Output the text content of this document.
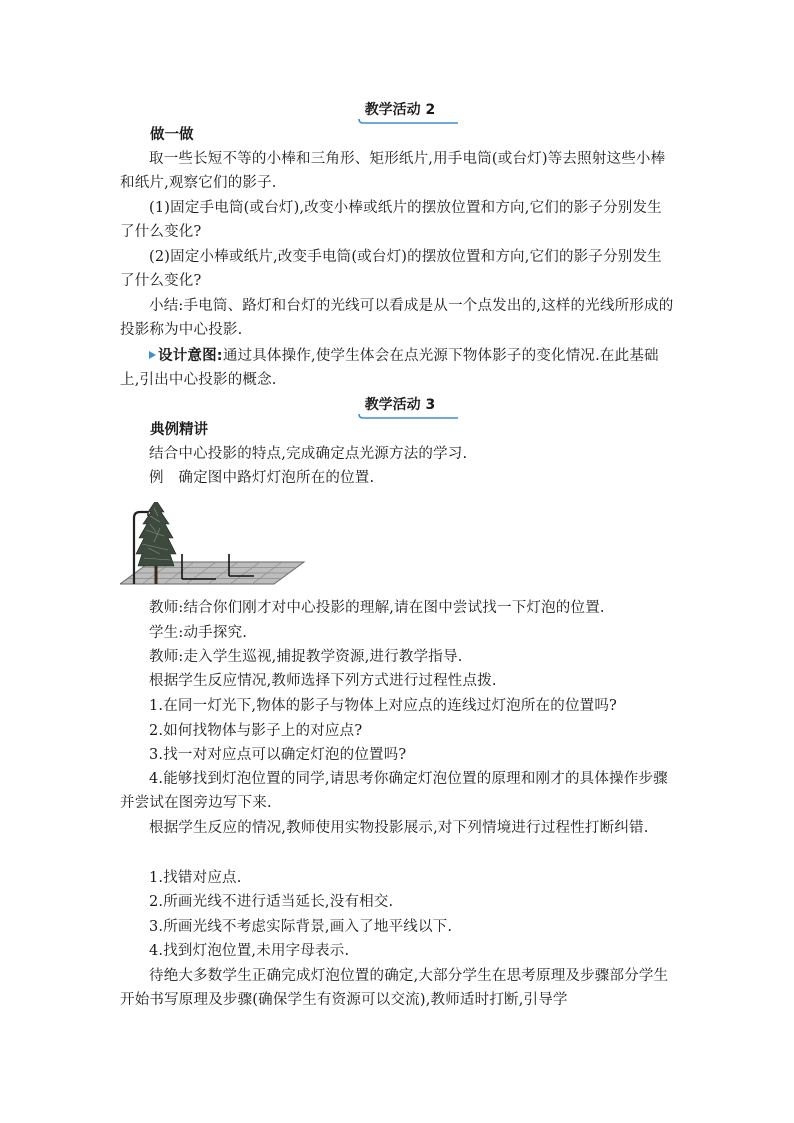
教学活动 2
做一做

取一些长短不等的小棒和三角形、矩形纸片,用手电筒(或台灯)等去照射这些小棒和纸片,观察它们的影子.

(1)固定手电筒(或台灯),改变小棒或纸片的摆放位置和方向,它们的影子分别发生了什么变化?

(2)固定小棒或纸片,改变手电筒(或台灯)的摆放位置和方向,它们的影子分别发生了什么变化?

小结:手电筒、路灯和台灯的光线可以看成是从一个点发出的,这样的光线所形成的投影称为中心投影.

设计意图:通过具体操作,使学生体会在点光源下物体影子的变化情况.在此基础上,引出中心投影的概念.

教学活动 3
典例精讲

结合中心投影的特点,完成确定点光源方法的学习.

例　确定图中路灯灯泡所在的位置.

教师:结合你们刚才对中心投影的理解,请在图中尝试找一下灯泡的位置.

学生:动手探究.

教师:走入学生巡视,捕捉教学资源,进行教学指导.

根据学生反应情况,教师选择下列方式进行过程性点拨.

1.在同一灯光下,物体的影子与物体上对应点的连线过灯泡所在的位置吗?

2.如何找物体与影子上的对应点?

3.找一对对应点可以确定灯泡的位置吗?

4.能够找到灯泡位置的同学,请思考你确定灯泡位置的原理和刚才的具体操作步骤并尝试在图旁边写下来.

根据学生反应的情况,教师使用实物投影展示,对下列情境进行过程性打断纠错.

1.找错对应点.

2.所画光线不进行适当延长,没有相交.

3.所画光线不考虑实际背景,画入了地平线以下.

4.找到灯泡位置,未用字母表示.

待绝大多数学生正确完成灯泡位置的确定,大部分学生在思考原理及步骤部分学生开始书写原理及步骤(确保学生有资源可以交流),教师适时打断,引导学
